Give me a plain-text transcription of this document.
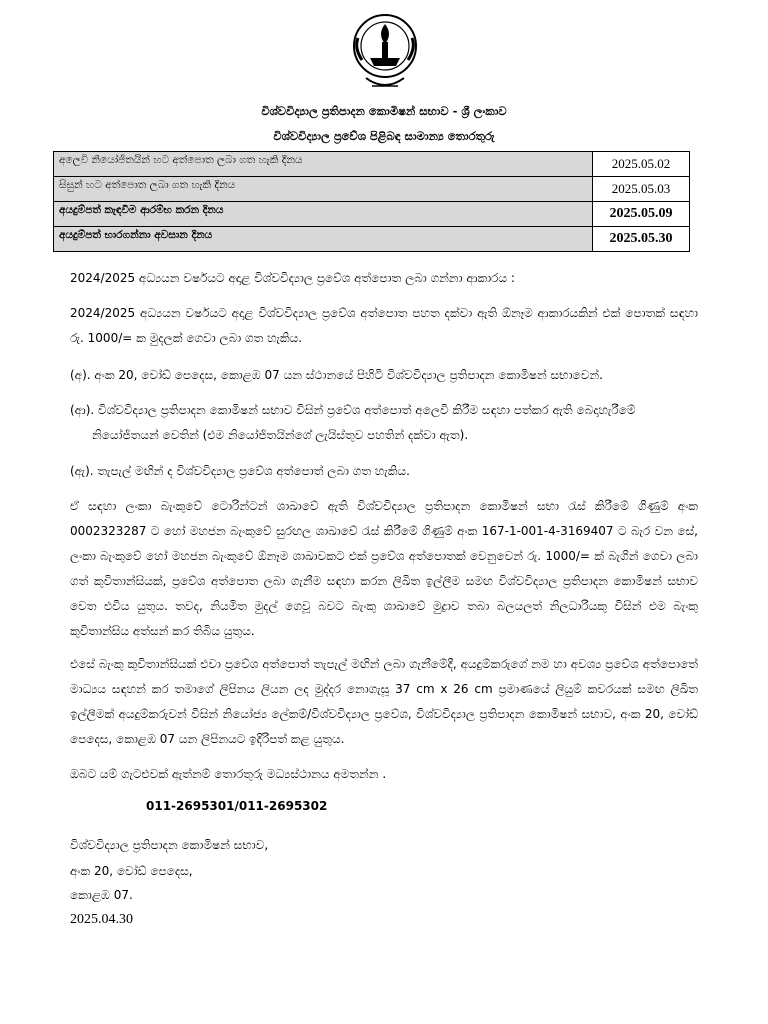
විශ්වවිද්‍යාල ප්‍රතිපාදන කොමිෂන් සභාව - ශ්‍රී ලංකාව
විශ්වවිද්‍යාල ප්‍රවේශ පිළිබඳ සාමාන්‍ය තොරතුරු
අලෙවි නියෝජිතයින් හට අත්පොත ලබා ගත හැකි දිනය	2025.05.02
සිසුන් හට අත්පොත ලබා ගත හැකි දිනය	2025.05.03
අයදුම්පත් කැඳවීම ආරම්භ කරන දිනය	2025.05.09
අයදුම්පත් භාරගන්නා අවසාන දිනය	2025.05.30
2024/2025 අධ්‍යයන වර්ෂයට අදාළ විශ්වවිද්‍යාල ප්‍රවේශ අත්පොත ලබා ගන්නා ආකාරය :
2024/2025 අධ්‍යයන වර්ෂයට අදාළ විශ්වවිද්‍යාල ප්‍රවේශ අත්පොත පහත දක්වා ඇති ඕනෑම ආකාරයකින් එක් පොතක් සඳහා රු. 1000/= ක මුදලක් ගෙවා ලබා ගත හැකිය.
(අ). අංක 20, වෝඩ් පෙදෙස, කොළඹ 07 යන ස්ථානයේ පිහිටි විශ්වවිද්‍යාල ප්‍රතිපාදන කොමිෂන් සභාවෙන්.
(ආ). විශ්වවිද්‍යාල ප්‍රතිපාදන කොමිෂන් සභාව විසින් ප්‍රවේශ අත්පොත් අලෙවි කිරීම සඳහා පත්කර ඇති බෙදාහැරීමේ
නියෝජිතයන් වෙතින් (එම නියෝජිතයින්ගේ ලැයිස්තුව පහතින් දක්වා ඇත).
(ඇ). තැපැල් මඟින් ද විශ්වවිද්‍යාල ප්‍රවේශ අත්පොත් ලබා ගත හැකිය.
ඒ සඳහා ලංකා බැංකුවේ ටොරින්ටන් ශාඛාවේ ඇති විශ්වවිද්‍යාල ප්‍රතිපාදන කොමිෂන් සභා රැස් කිරීමේ ගිණුම් අංක 0002323287 ට හෝ මහජන බැංකුවේ සුරඟල ශාඛාවේ රැස් කිරීමේ ගිණුම් අංක 167-1-001-4-3169407 ට බැර වන සේ, ලංකා බැංකුවේ හෝ මහජන බැංකුවේ ඕනෑම ශාඛාවකට එක් ප්‍රවේශ අත්පොතක් වෙනුවෙන් රු. 1000/= ක් බැගින් ගෙවා ලබා ගත් කුවිතාන්සියක්, ප්‍රවේශ අත්පොත ලබා ගැනීම සඳහා කරන ලිඛිත ඉල්ලීම සමඟ විශ්වවිද්‍යාල ප්‍රතිපාදන කොමිෂන් සභාව වෙත එවිය යුතුය. තවද, නියමිත මුදල් ගෙවූ බවට බැංකු ශාඛාවේ මුද්‍රාව තබා බලයලත් නිලධාරියකු විසින් එම බැංකු කුවිතාන්සිය අත්සන් කර තිබිය යුතුය.
එසේ බැංකු කුවිතාන්සියක් එවා ප්‍රවේශ අත්පොත් තැපැල් මඟින් ලබා ගැනීමේදී, අයදුම්කරුගේ නම හා අවශ්‍ය ප්‍රවේශ අත්පොතේ මාධ්‍යය සඳහන් කර තමාගේ ලිපිනය ලියන ලද මුද්දර නොගැසූ 37 cm x 26 cm ප්‍රමාණයේ ලියුම් කවරයක් සමඟ ලිඛිත ඉල්ලීමක් අයදුම්කරුවන් විසින් නියෝජ්‍ය ලේකම්/විශ්වවිද්‍යාල ප්‍රවේශ, විශ්වවිද්‍යාල ප්‍රතිපාදන කොමිෂන් සභාව, අංක 20, වෝඩ් පෙදෙස, කොළඹ 07 යන ලිපිනයට ඉදිරිපත් කළ යුතුය.
ඔබට යම් ගැටළුවක් ඇත්නම් තොරතුරු මධ්‍යස්ථානය අමතන්න .
011-2695301/011-2695302
විශ්වවිද්‍යාල ප්‍රතිපාදන කොමිෂන් සභාව,
අංක 20, වෝඩ් පෙදෙස,
කොළඹ 07.
2025.04.30
